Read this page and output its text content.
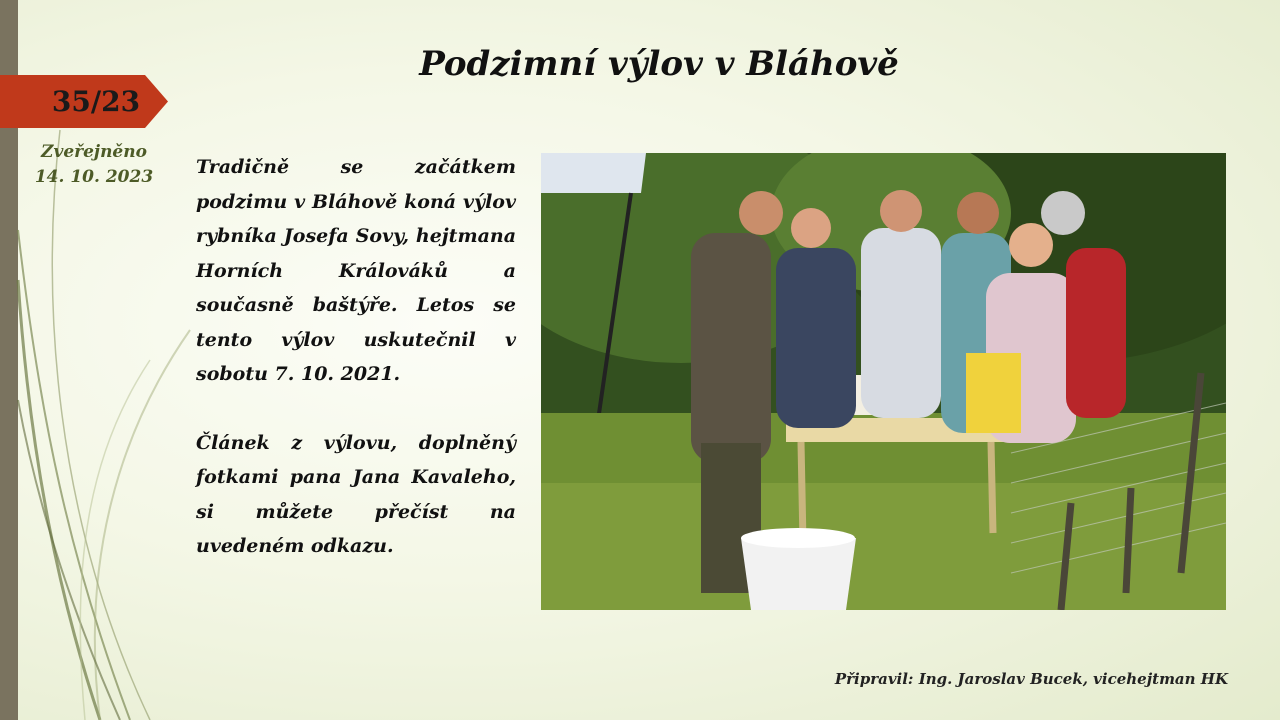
Podzimní výlov v Bláhově
35/23
Zveřejněno
14. 10. 2023	Tradičně se začátkem podzimu v Bláhově koná výlov rybníka Josefa Sovy, hejtmana Horních Králováků a současně baštýře. Letos se tento výlov uskutečnil v sobotu 7. 10. 2021.

Článek z výlovu, doplněný fotkami pana Jana Kavaleho, si můžete přečíst na uvedeném odkazu.

Připravil: Ing. Jaroslav Bucek, vicehejtman HK
